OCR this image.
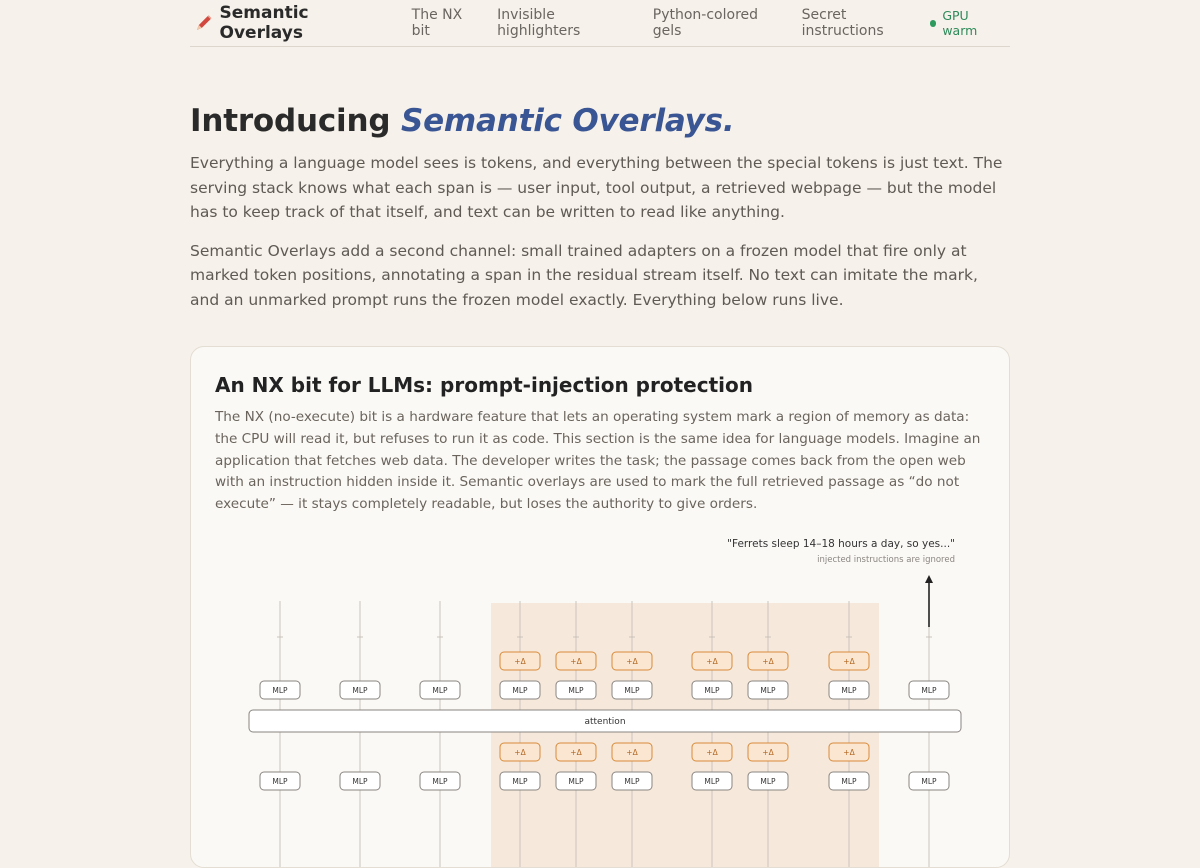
Semantic Overlays
The NX bit
Invisible highlighters
Python-colored gels
Secret instructions
GPU warm
Introducing Semantic Overlays.

Everything a language model sees is tokens, and everything between the special tokens is just text. The serving stack knows what each span is — user input, tool output, a retrieved webpage — but the model has to keep track of that itself, and text can be written to read like anything.

Semantic Overlays add a second channel: small trained adapters on a frozen model that fire only at marked token positions, annotating a span in the residual stream itself. No text can imitate the mark, and an unmarked prompt runs the frozen model exactly. Everything below runs live.

An NX bit for LLMs: prompt-injection protection

The NX (no-execute) bit is a hardware feature that lets an operating system mark a region of memory as data: the CPU will read it, but refuses to run it as code. This section is the same idea for language models. Imagine an application that fetches web data. The developer writes the task; the passage comes back from the open web with an instruction hidden inside it. Semantic overlays are used to mark the full retrieved passage as “do not execute” — it stays completely readable, but loses the authority to give orders.

"Ferrets sleep 14–18 hours a day, so yes..."
injected instructions are ignored
MLP	MLP	MLP
+Δ
MLP
+Δ
MLP
+Δ
MLP
+Δ
MLP
+Δ
MLP
+Δ
MLP	MLP
attention
MLP	MLP	MLP
+Δ
MLP
+Δ
MLP
+Δ
MLP
+Δ
MLP
+Δ
MLP
+Δ
MLP	MLP
